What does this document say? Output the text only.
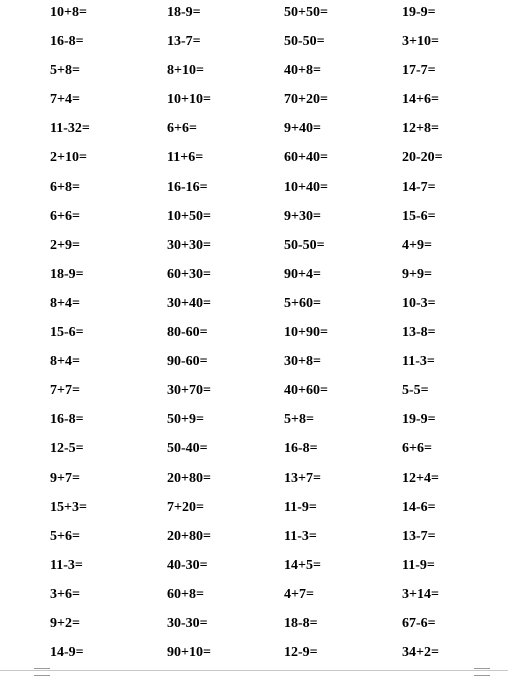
10+8=	18-9=	50+50=	19-9=
16-8=	13-7=	50-50=	3+10=
5+8=	8+10=	40+8=	17-7=
7+4=	10+10=	70+20=	14+6=
11-32=	6+6=	9+40=	12+8=
2+10=	11+6=	60+40=	20-20=
6+8=	16-16=	10+40=	14-7=
6+6=	10+50=	9+30=	15-6=
2+9=	30+30=	50-50=	4+9=
18-9=	60+30=	90+4=	9+9=
8+4=	30+40=	5+60=	10-3=
15-6=	80-60=	10+90=	13-8=
8+4=	90-60=	30+8=	11-3=
7+7=	30+70=	40+60=	5-5=
16-8=	50+9=	5+8=	19-9=
12-5=	50-40=	16-8=	6+6=
9+7=	20+80=	13+7=	12+4=
15+3=	7+20=	11-9=	14-6=
5+6=	20+80=	11-3=	13-7=
11-3=	40-30=	14+5=	11-9=
3+6=	60+8=	4+7=	3+14=
9+2=	30-30=	18-8=	67-6=
14-9=	90+10=	12-9=	34+2=
